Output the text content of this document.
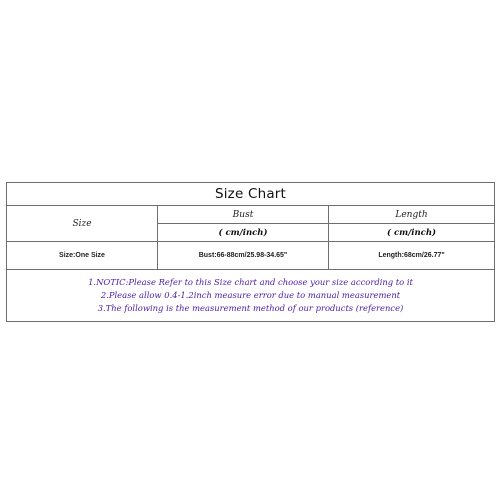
Size Chart		
Size	Bust	Length
	( cm/inch)	( cm/inch)
Size:One Size	Bust:66-88cm/25.98-34.65"	Length:68cm/26.77"

1.NOTIC:Please Refer to this Size chart and choose your size according to it
2.Please allow 0.4-1.2inch measure error due to manual measurement
3.The following is the measurement method of our products (reference)		
